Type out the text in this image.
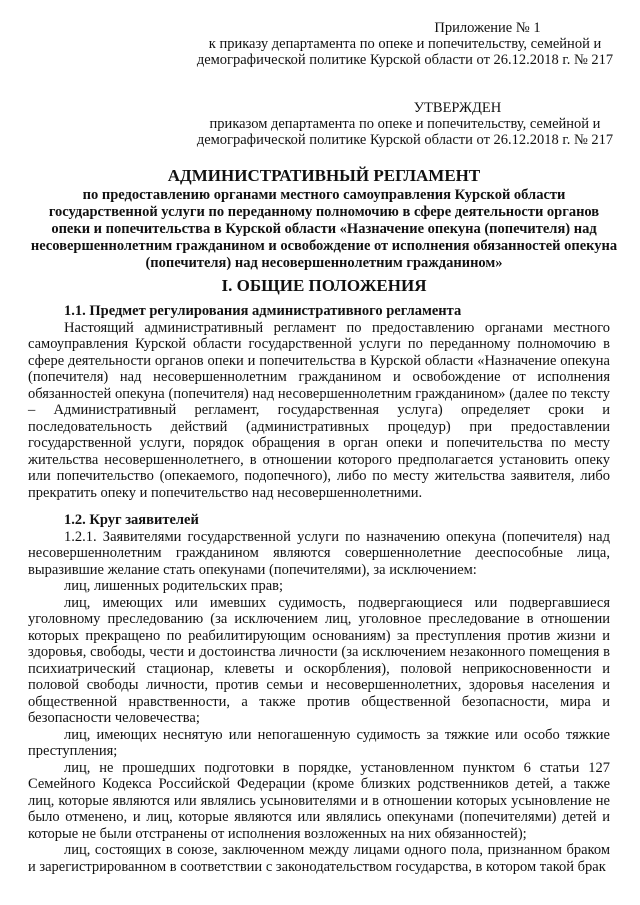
Приложение № 1
к приказу департамента по опеке и попечительству, семейной и демографической политике Курской области от 26.12.2018 г. № 217
УТВЕРЖДЕН
приказом департамента по опеке и попечительству, семейной и демографической политике Курской области от 26.12.2018 г. № 217
АДМИНИСТРАТИВНЫЙ РЕГЛАМЕНТ
по предоставлению органами местного самоуправления Курской области государственной услуги по переданному полномочию в сфере деятельности органов опеки и попечительства в Курской области «Назначение опекуна (попечителя) над несовершеннолетним гражданином и освобождение от исполнения обязанностей опекуна (попечителя) над несовершеннолетним гражданином»
I. ОБЩИЕ ПОЛОЖЕНИЯ
1.1. Предмет регулирования административного регламента

Настоящий административный регламент по предоставлению органами местного самоуправления Курской области государственной услуги по переданному полномочию в сфере деятельности органов опеки и попечительства в Курской области «Назначение опекуна (попечителя) над несовершеннолетним гражданином и освобождение от исполнения обязанностей опекуна (попечителя) над несовершеннолетним гражданином» (далее по тексту – Административный регламент, государственная услуга) определяет сроки и последовательность действий (административных процедур) при предоставлении государственной услуги, порядок обращения в орган опеки и попечительства по месту жительства несовершеннолетнего, в отношении которого предполагается установить опеку или попечительство (опекаемого, подопечного), либо по месту жительства заявителя, либо прекратить опеку и попечительство над несовершеннолетними.

1.2. Круг заявителей

1.2.1. Заявителями государственной услуги по назначению опекуна (попечителя) над несовершеннолетним гражданином являются совершеннолетние дееспособные лица, выразившие желание стать опекунами (попечителями), за исключением:

лиц, лишенных родительских прав;

лиц, имеющих или имевших судимость, подвергающиеся или подвергавшиеся уголовному преследованию (за исключением лиц, уголовное преследование в отношении которых прекращено по реабилитирующим основаниям) за преступления против жизни и здоровья, свободы, чести и достоинства личности (за исключением незаконного помещения в психиатрический стационар, клеветы и оскорбления), половой неприкосновенности и половой свободы личности, против семьи и несовершеннолетних, здоровья населения и общественной нравственности, а также против общественной безопасности, мира и безопасности человечества;

лиц, имеющих неснятую или непогашенную судимость за тяжкие или особо тяжкие преступления;

лиц, не прошедших подготовки в порядке, установленном пунктом 6 статьи 127 Семейного Кодекса Российской Федерации (кроме близких родственников детей, а также лиц, которые являются или являлись усыновителями и в отношении которых усыновление не было отменено, и лиц, которые являются или являлись опекунами (попечителями) детей и которые не были отстранены от исполнения возложенных на них обязанностей);

лиц, состоящих в союзе, заключенном между лицами одного пола, признанном браком и зарегистрированном в соответствии с законодательством государства, в котором такой брак
